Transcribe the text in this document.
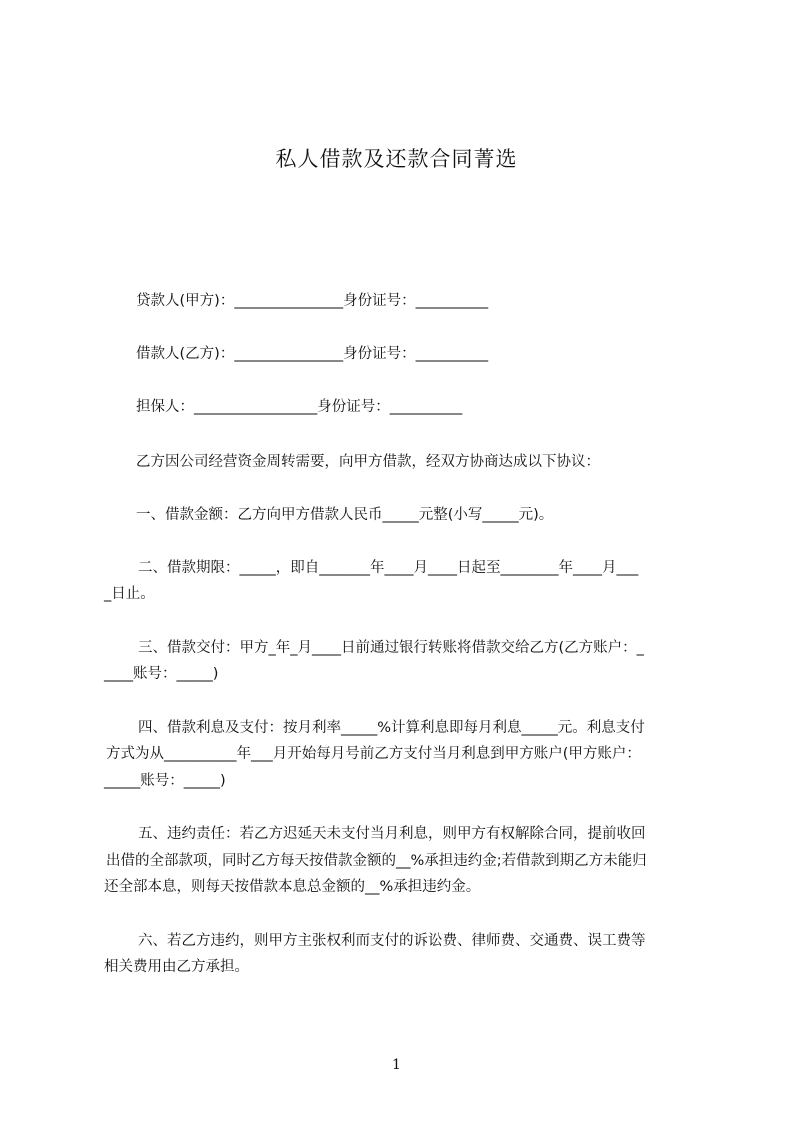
私人借款及还款合同菁选
贷款人(甲方)：_______________身份证号：__________
借款人(乙方)：_______________身份证号：__________
担保人：_________________身份证号：__________
乙方因公司经营资金周转需要，向甲方借款，经双方协商达成以下协议：
一、借款金额：乙方向甲方借款人民币_____元整(小写_____元)。
二、借款期限：_____，即自_______年____月____日起至________年____月___
_日止。
三、借款交付：甲方_年_月____日前通过银行转账将借款交给乙方(乙方账户：_
____账号：_____)
四、借款利息及支付：按月利率_____%计算利息即每月利息_____元。利息支付
方式为从__________年___月开始每月号前乙方支付当月利息到甲方账户(甲方账户：
_____账号：_____)
五、违约责任：若乙方迟延天未支付当月利息，则甲方有权解除合同，提前收回
出借的全部款项，同时乙方每天按借款金额的__%承担违约金;若借款到期乙方未能归
还全部本息，则每天按借款本息总金额的__%承担违约金。
六、若乙方违约，则甲方主张权利而支付的诉讼费、律师费、交通费、误工费等
相关费用由乙方承担。
1
